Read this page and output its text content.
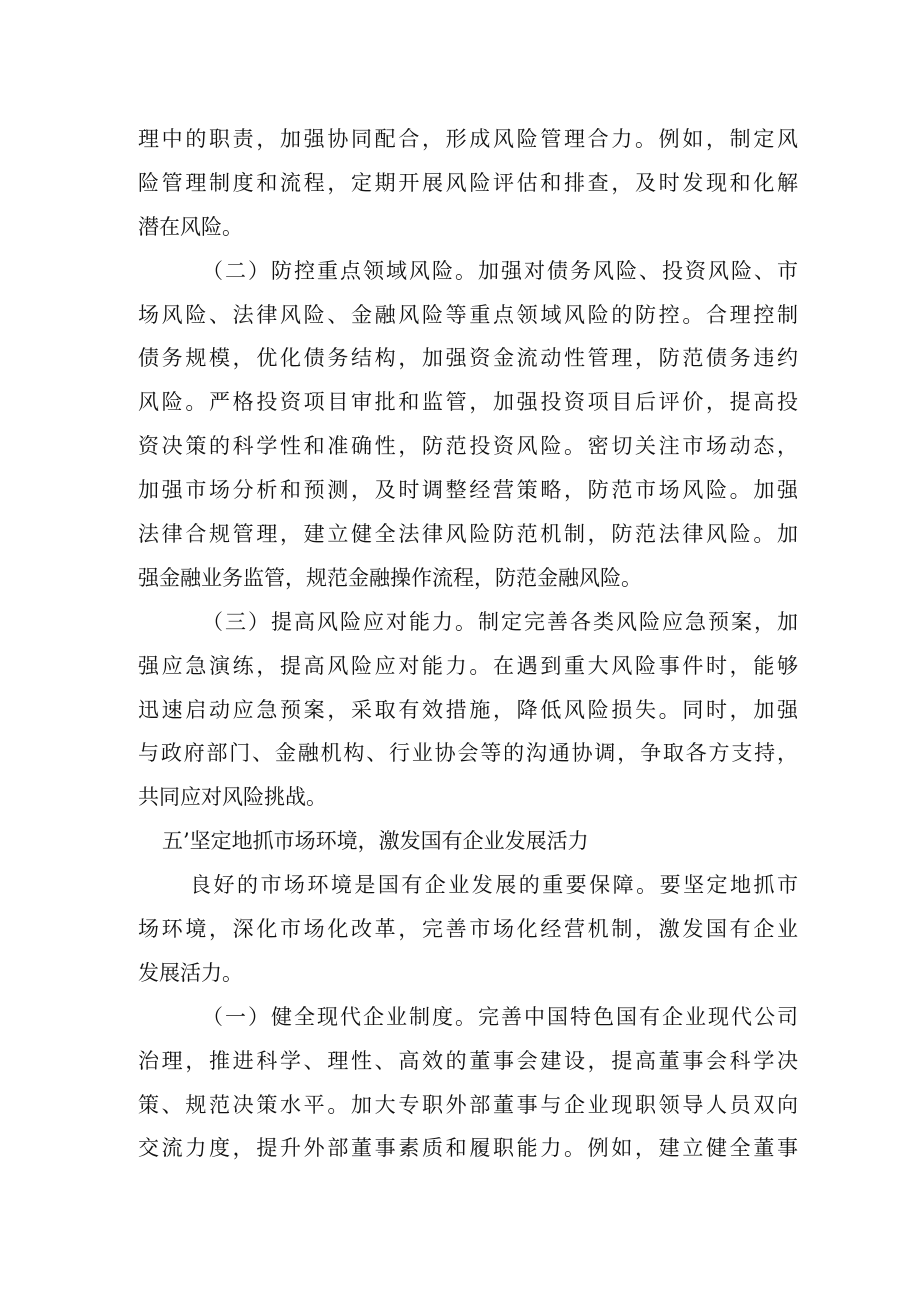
理中的职责，加强协同配合，形成风险管理合力。例如，制定风
险管理制度和流程，定期开展风险评估和排查，及时发现和化解
潜在风险。
（二）防控重点领域风险。加强对债务风险、投资风险、市
场风险、法律风险、金融风险等重点领域风险的防控。合理控制
债务规模，优化债务结构，加强资金流动性管理，防范债务违约
风险。严格投资项目审批和监管，加强投资项目后评价，提高投
资决策的科学性和准确性，防范投资风险。密切关注市场动态，
加强市场分析和预测，及时调整经营策略，防范市场风险。加强
法律合规管理，建立健全法律风险防范机制，防范法律风险。加
强金融业务监管，规范金融操作流程，防范金融风险。
（三）提高风险应对能力。制定完善各类风险应急预案，加
强应急演练，提高风险应对能力。在遇到重大风险事件时，能够
迅速启动应急预案，采取有效措施，降低风险损失。同时，加强
与政府部门、金融机构、行业协会等的沟通协调，争取各方支持，
共同应对风险挑战。
五’坚定地抓市场环境，激发国有企业发展活力
良好的市场环境是国有企业发展的重要保障。要坚定地抓市
场环境，深化市场化改革，完善市场化经营机制，激发国有企业
发展活力。
（一）健全现代企业制度。完善中国特色国有企业现代公司
治理，推进科学、理性、高效的董事会建设，提高董事会科学决
策、规范决策水平。加大专职外部董事与企业现职领导人员双向
交流力度，提升外部董事素质和履职能力。例如，建立健全董事
